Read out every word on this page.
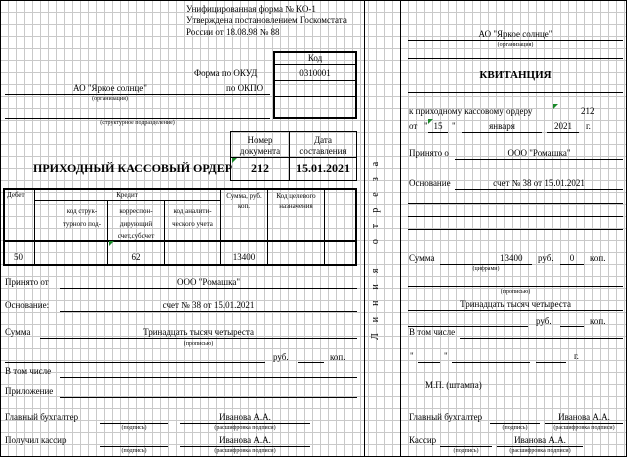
Унифицированная форма № КО-1
Утверждена постановлением Госкомстата
России от 18.08.98 № 88
Код
Форма по ОКУД	0310001
по ОКПО
АО "Яркое солнце"
(организация)
(структурное подразделение)
Номер документа
Дата составления
ПРИХОДНЫЙ КАССОВЫЙ ОРДЕР	212	15.01.2021
Дебет	Кредит	Сумма, руб. коп.
Код целевого назначения
код струк-турного под-
корреспон-дирующий счет,субсчет
код аналити-ческого учета
50	62	13400
Принято от	ООО "Ромашка"
Основание:	счет № 38 от 15.01.2021
Сумма	Тринадцать тысяч четыреста
(прописью)
руб.	коп.
В том числе
Приложение
Главный бухгалтер
(подпись)
Иванова А.А.
(расшифровка подписи)
Получил кассир
(подпись)
Иванова А.А.
(расшифровка подписи)
Линия отреза
АО "Яркое солнце"
(организация)
КВИТАНЦИЯ
к приходному кассовому ордеру	212
от " 15	"	января	2021	г.
Принято о	ООО "Ромашка"
Основание	счет № 38 от 15.01.2021
Сумма	13400
(цифрами)
руб.	0	коп.
(прописью)
Тринадцать тысяч четыреста
руб.	коп.
В том числе
"	"	г.
М.П. (штампа)
Главный бухгалтер
(подпись)
Иванова А.А.
(расшифровка подписи)
Кассир
(подпись)
Иванова А.А.
(расшифровка подписи)
